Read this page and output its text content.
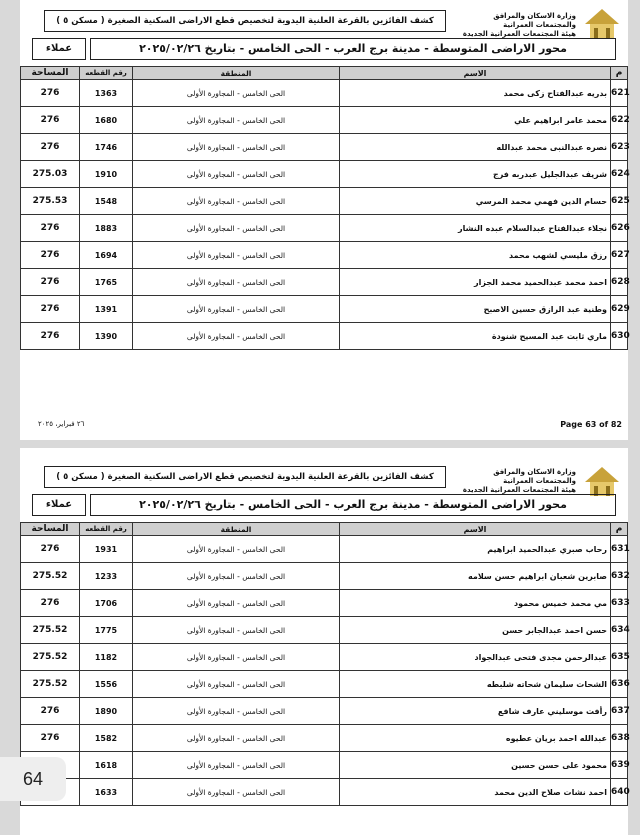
وزارة الاسكان والمرافق والمجتمعات العمرانية
هيئة المجتمعات العمرانية الجديدة
كشف الفائزين بالقرعة العلنية اليدوية لتخصيص قطع الاراضى السكنية الصغيرة ( مسكن ٥ )
محور الاراضى المتوسطة - مدينة برج العرب - الحى الخامس - بتاريخ ٢٠٢٥/٠٢/٢٦
عملاء
المساحة	رقم القطعه	المنطقة	الاسم	م
276	1363	الحى الخامس - المجاورة الأولى	بدريه عبدالفتاح زكى محمد	621
276	1680	الحى الخامس - المجاورة الأولى	محمد عامر ابراهيم علي	622
276	1746	الحى الخامس - المجاورة الأولى	نصره عبدالنبى محمد عبدالله	623
275.03	1910	الحى الخامس - المجاورة الأولى	شريف عبدالجليل عبدربه فرج	624
275.53	1548	الحى الخامس - المجاورة الأولى	حسام الدين فهمي محمد المرسي	625
276	1883	الحى الخامس - المجاورة الأولى	نجلاء عبدالفتاح عبدالسلام عبده النشار	626
276	1694	الحى الخامس - المجاورة الأولى	رزق مليسي لشهب محمد	627
276	1765	الحى الخامس - المجاورة الأولى	احمد محمد عبدالحميد محمد الجزار	628
276	1391	الحى الخامس - المجاورة الأولى	وطنية عبد الرازق حسين الاصبح	629
276	1390	الحى الخامس - المجاورة الأولى	ماري ثابت عبد المسيح شنودة	630
٢٦ فبراير، ٢٠٢٥	Page 63 of 82
وزارة الاسكان والمرافق والمجتمعات العمرانية
هيئة المجتمعات العمرانية الجديدة
كشف الفائزين بالقرعة العلنية اليدوية لتخصيص قطع الاراضى السكنية الصغيرة ( مسكن ٥ )
محور الاراضى المتوسطة - مدينة برج العرب - الحى الخامس - بتاريخ ٢٠٢٥/٠٢/٢٦
عملاء
المساحة	رقم القطعه	المنطقة	الاسم	م
276	1931	الحى الخامس - المجاورة الأولى	رحاب صبري عبدالحميد ابراهيم	631
275.52	1233	الحى الخامس - المجاورة الأولى	صابرين شعبان ابراهيم حسن سلامه	632
276	1706	الحى الخامس - المجاورة الأولى	مي محمد خميس محمود	633
275.52	1775	الحى الخامس - المجاورة الأولى	حسن احمد عبدالجابر حسن	634
275.52	1182	الحى الخامس - المجاورة الأولى	عبدالرحمن مجدى فتحى عبدالجواد	635
275.52	1556	الحى الخامس - المجاورة الأولى	الشحات سليمان شحاته شلبطه	636
276	1890	الحى الخامس - المجاورة الأولى	رأفت موسليني عارف شافع	637
276	1582	الحى الخامس - المجاورة الأولى	عبدالله احمد بريان عطيوه	638
	1618	الحى الخامس - المجاورة الأولى	محمود على حسن حسين	639
	1633	الحى الخامس - المجاورة الأولى	احمد نشات صلاح الدين محمد	640
64
